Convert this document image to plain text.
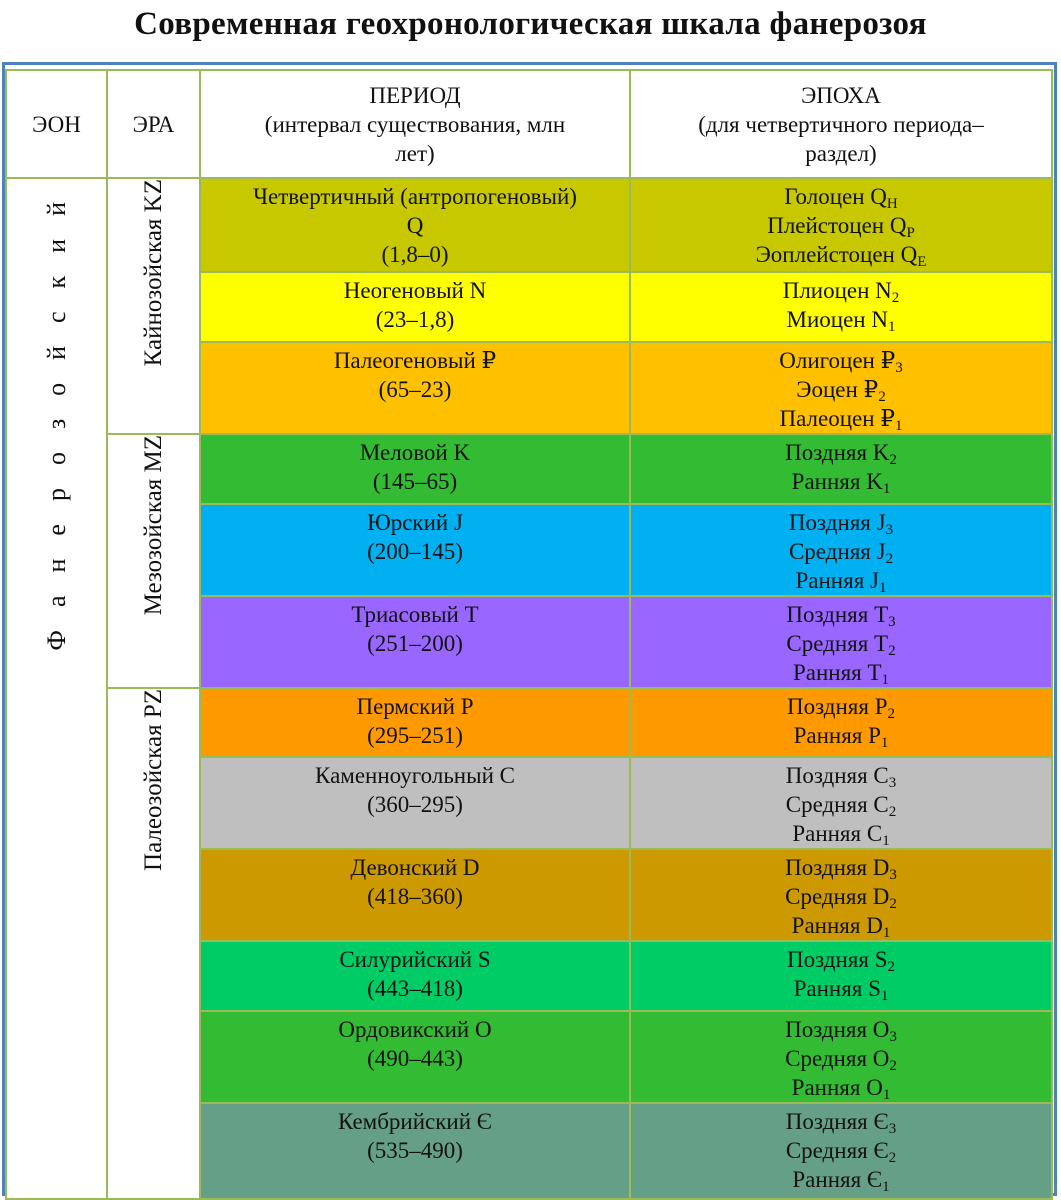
Современная геохронологическая шкала фанерозоя
ЭОН	ЭРА	ПЕРИОД
(интервал существования, млн
лет)	ЭПОХА
(для четвертичного периода–
раздел)

Фанерозойский	Кайнозойская KZ	Четвертичный (антропогеновый)
Q
(1,8–0)	Голоцен $Q_H$
Плейстоцен $Q_P$
Эоплейстоцен $Q_E$

		Неогеновый N
(23–1,8)	Плиоцен $N_2$
Миоцен $N_1$

		Палеогеновый ₽
(65–23)	Олигоцен $₽_3$
Эоцен $₽_2$
Палеоцен $₽_1$

	Мезозойская MZ	Меловой K
(145–65)	Поздняя $K_2$
Ранняя $K_1$

		Юрский J
(200–145)	Поздняя $J_3$
Средняя $J_2$
Ранняя $J_1$

		Триасовый T
(251–200)	Поздняя $T_3$
Средняя $T_2$
Ранняя $T_1$

	Палеозойская PZ	Пермский P
(295–251)	Поздняя $P_2$
Ранняя $P_1$

		Каменноугольный C
(360–295)	Поздняя $C_3$
Средняя $C_2$
Ранняя $C_1$

		Девонский D
(418–360)	Поздняя $D_3$
Средняя $D_2$
Ранняя $D_1$

		Силурийский S
(443–418)	Поздняя $S_2$
Ранняя $S_1$

		Ордовикский O
(490–443)	Поздняя $O_3$
Средняя $O_2$
Ранняя $O_1$

		Кембрийский Є
(535–490)	Поздняя $Є_3$
Средняя $Є_2$
Ранняя $Є_1$
